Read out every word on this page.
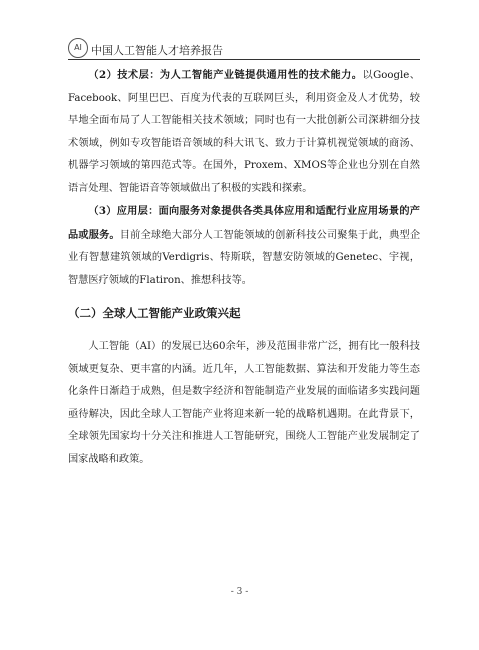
AI 中国人工智能人才培养报告

（2）技术层：为人工智能产业链提供通用性的技术能力。以Google、Facebook、阿里巴巴、百度为代表的互联网巨头，利用资金及人才优势，较早地全面布局了人工智能相关技术领域；同时也有一大批创新公司深耕细分技术领域，例如专攻智能语音领域的科大讯飞、致力于计算机视觉领域的商汤、机器学习领域的第四范式等。在国外，Proxem、XMOS等企业也分别在自然语言处理、智能语音等领域做出了积极的实践和探索。

（3）应用层：面向服务对象提供各类具体应用和适配行业应用场景的产品或服务。目前全球绝大部分人工智能领域的创新科技公司聚集于此，典型企业有智慧建筑领域的Verdigris、特斯联，智慧安防领域的Genetec、宇视，智慧医疗领域的Flatiron、推想科技等。

（二）全球人工智能产业政策兴起

人工智能（AI）的发展已达60余年，涉及范围非常广泛，拥有比一般科技领域更复杂、更丰富的内涵。近几年，人工智能数据、算法和开发能力等生态化条件日渐趋于成熟，但是数字经济和智能制造产业发展的面临诸多实践问题亟待解决，因此全球人工智能产业将迎来新一轮的战略机遇期。在此背景下，全球领先国家均十分关注和推进人工智能研究，围绕人工智能产业发展制定了国家战略和政策。

- 3 -
